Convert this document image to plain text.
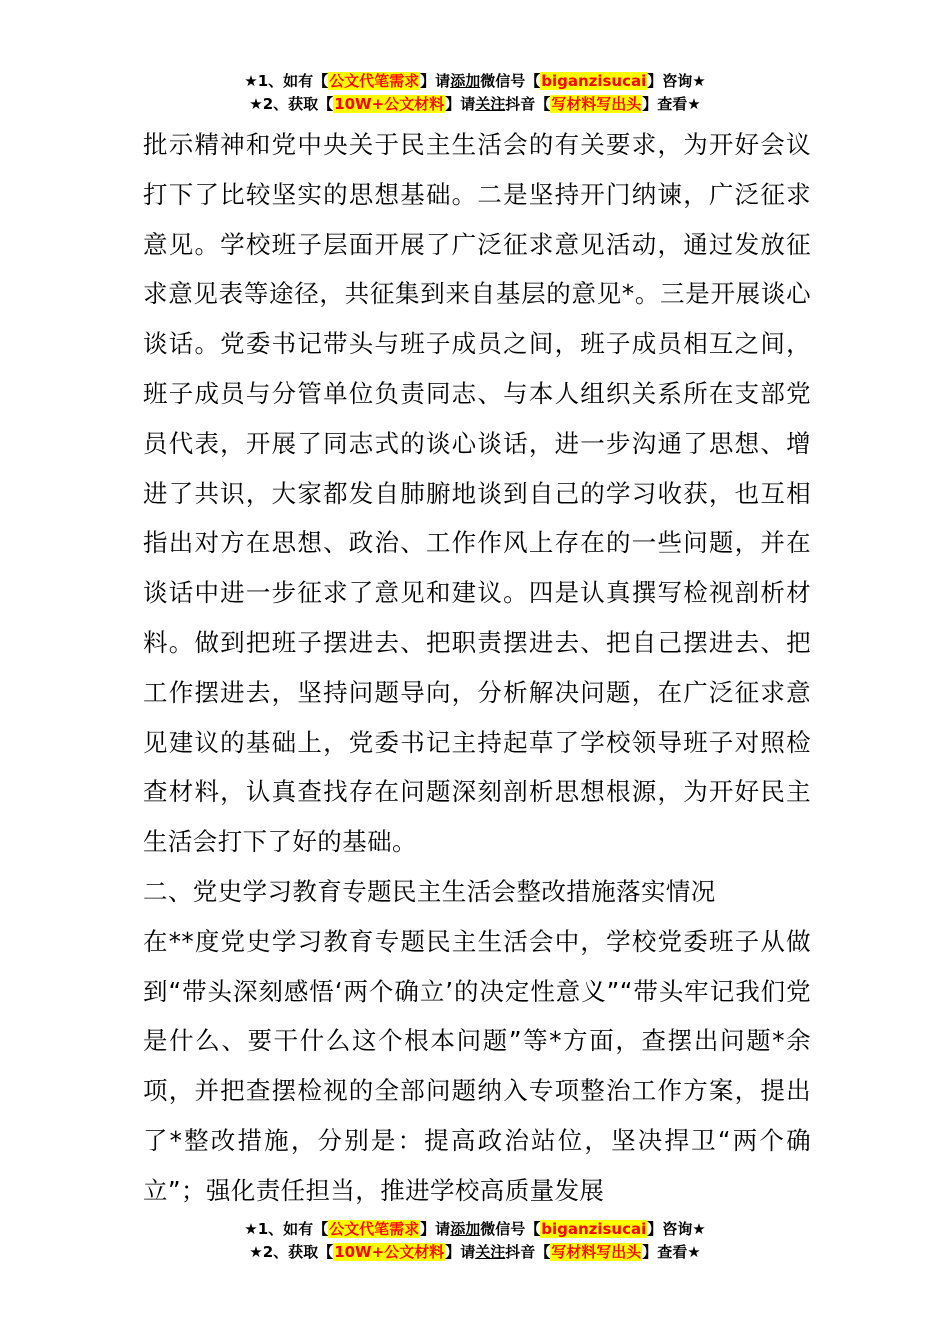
★1、如有【公文代笔需求】请添加微信号【biganzisucai】咨询★
★2、获取【10W+公文材料】请关注抖音【写材料写出头】查看★

批示精神和党中央关于民主生活会的有关要求，为开好会议打下了比较坚实的思想基础。二是坚持开门纳谏，广泛征求意见。学校班子层面开展了广泛征求意见活动，通过发放征求意见表等途径，共征集到来自基层的意见*。三是开展谈心谈话。党委书记带头与班子成员之间，班子成员相互之间，班子成员与分管单位负责同志、与本人组织关系所在支部党员代表，开展了同志式的谈心谈话，进一步沟通了思想、增进了共识，大家都发自肺腑地谈到自己的学习收获，也互相指出对方在思想、政治、工作作风上存在的一些问题，并在谈话中进一步征求了意见和建议。四是认真撰写检视剖析材料。做到把班子摆进去、把职责摆进去、把自己摆进去、把工作摆进去，坚持问题导向，分析解决问题，在广泛征求意见建议的基础上，党委书记主持起草了学校领导班子对照检查材料，认真查找存在问题深刻剖析思想根源，为开好民主生活会打下了好的基础。

二、党史学习教育专题民主生活会整改措施落实情况

在**度党史学习教育专题民主生活会中，学校党委班子从做到“带头深刻感悟‘两个确立’的决定性意义”“带头牢记我们党是什么、要干什么这个根本问题”等*方面，查摆出问题*余项，并把查摆检视的全部问题纳入专项整治工作方案，提出了*整改措施，分别是：提高政治站位，坚决捍卫“两个确立”；强化责任担当，推进学校高质量发展

★1、如有【公文代笔需求】请添加微信号【biganzisucai】咨询★
★2、获取【10W+公文材料】请关注抖音【写材料写出头】查看★
